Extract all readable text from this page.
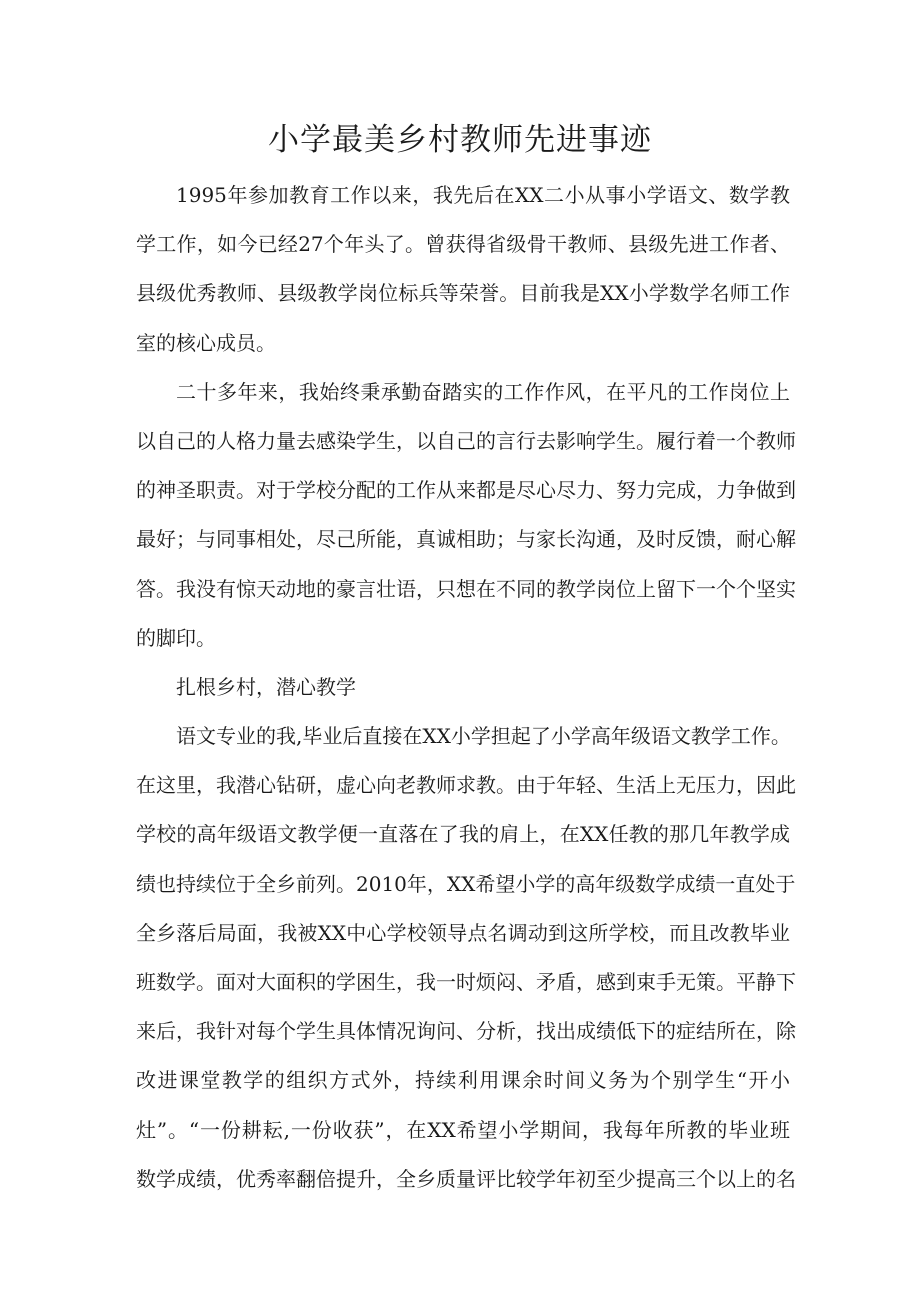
小学最美乡村教师先进事迹
1995年参加教育工作以来，我先后在XX二小从事小学语文、数学教
学工作，如今已经27个年头了。曾获得省级骨干教师、县级先进工作者、
县级优秀教师、县级教学岗位标兵等荣誉。目前我是XX小学数学名师工作
室的核心成员。
二十多年来，我始终秉承勤奋踏实的工作作风，在平凡的工作岗位上
以自己的人格力量去感染学生，以自己的言行去影响学生。履行着一个教师
的神圣职责。对于学校分配的工作从来都是尽心尽力、努力完成，力争做到
最好；与同事相处，尽己所能，真诚相助；与家长沟通，及时反馈，耐心解
答。我没有惊天动地的豪言壮语，只想在不同的教学岗位上留下一个个坚实
的脚印。
扎根乡村，潜心教学
语文专业的我,毕业后直接在XX小学担起了小学高年级语文教学工作。
在这里，我潜心钻研，虚心向老教师求教。由于年轻、生活上无压力，因此
学校的高年级语文教学便一直落在了我的肩上，在XX任教的那几年教学成
绩也持续位于全乡前列。2010年，XX希望小学的高年级数学成绩一直处于
全乡落后局面，我被XX中心学校领导点名调动到这所学校，而且改教毕业
班数学。面对大面积的学困生，我一时烦闷、矛盾，感到束手无策。平静下
来后，我针对每个学生具体情况询问、分析，找出成绩低下的症结所在，除
改进课堂教学的组织方式外，持续利用课余时间义务为个别学生“开小
灶”。“一份耕耘,一份收获”，在XX希望小学期间，我每年所教的毕业班
数学成绩，优秀率翻倍提升，全乡质量评比较学年初至少提高三个以上的名
